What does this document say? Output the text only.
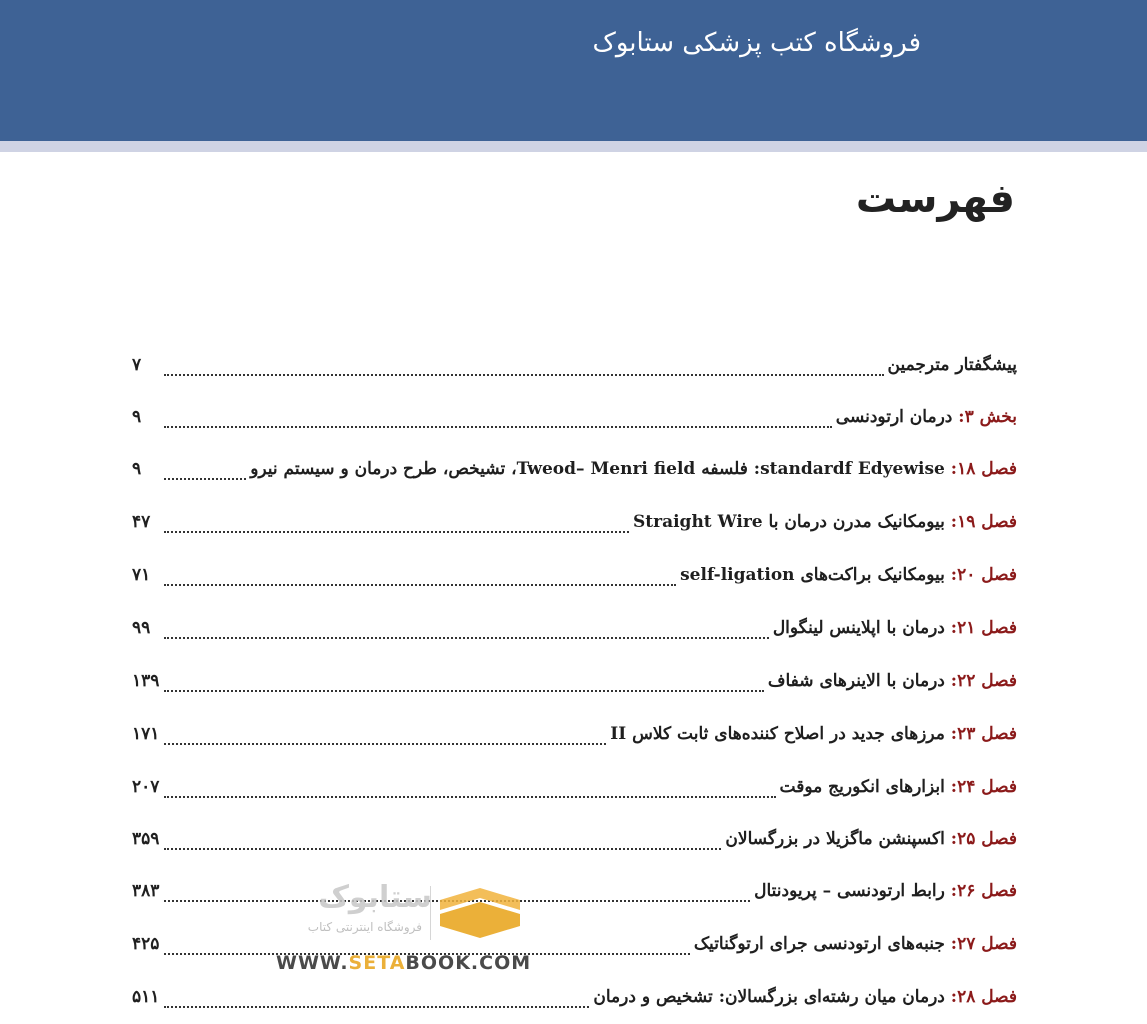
فروشگاه کتب پزشکی ستابوک
فهرست
پیشگفتار مترجمین
۷
بخش ۳: درمان ارتودنسی
۹
فصل ۱۸: standardf Edyewise: فلسفه Tweod– Menri field، تشیخص، طرح درمان و سیستم نیرو
۹
فصل ۱۹: بیومکانیک مدرن درمان با Straight Wire
۴۷
فصل ۲۰: بیومکانیک براکت‌های self-ligation
۷۱
فصل ۲۱: درمان با اپلاینس لینگوال
۹۹
فصل ۲۲: درمان با الاینرهای شفاف
۱۳۹
فصل ۲۳: مرزهای جدید در اصلاح کننده‌های ثابت کلاس II
۱۷۱
فصل ۲۴: ابزارهای انکوریج موقت
۲۰۷
فصل ۲۵: اکسپنشن ماگزیلا در بزرگسالان
۳۵۹
فصل ۲۶: رابط ارتودنسی – پریودنتال
۳۸۳
فصل ۲۷: جنبه‌های ارتودنسی جرای ارتوگناتیک
۴۲۵
فصل ۲۸: درمان میان رشته‌ای بزرگسالان: تشخیص و درمان
۵۱۱
ستابوک
فروشگاه اینترنتی کتاب
WWW.SETABOOK.COM
